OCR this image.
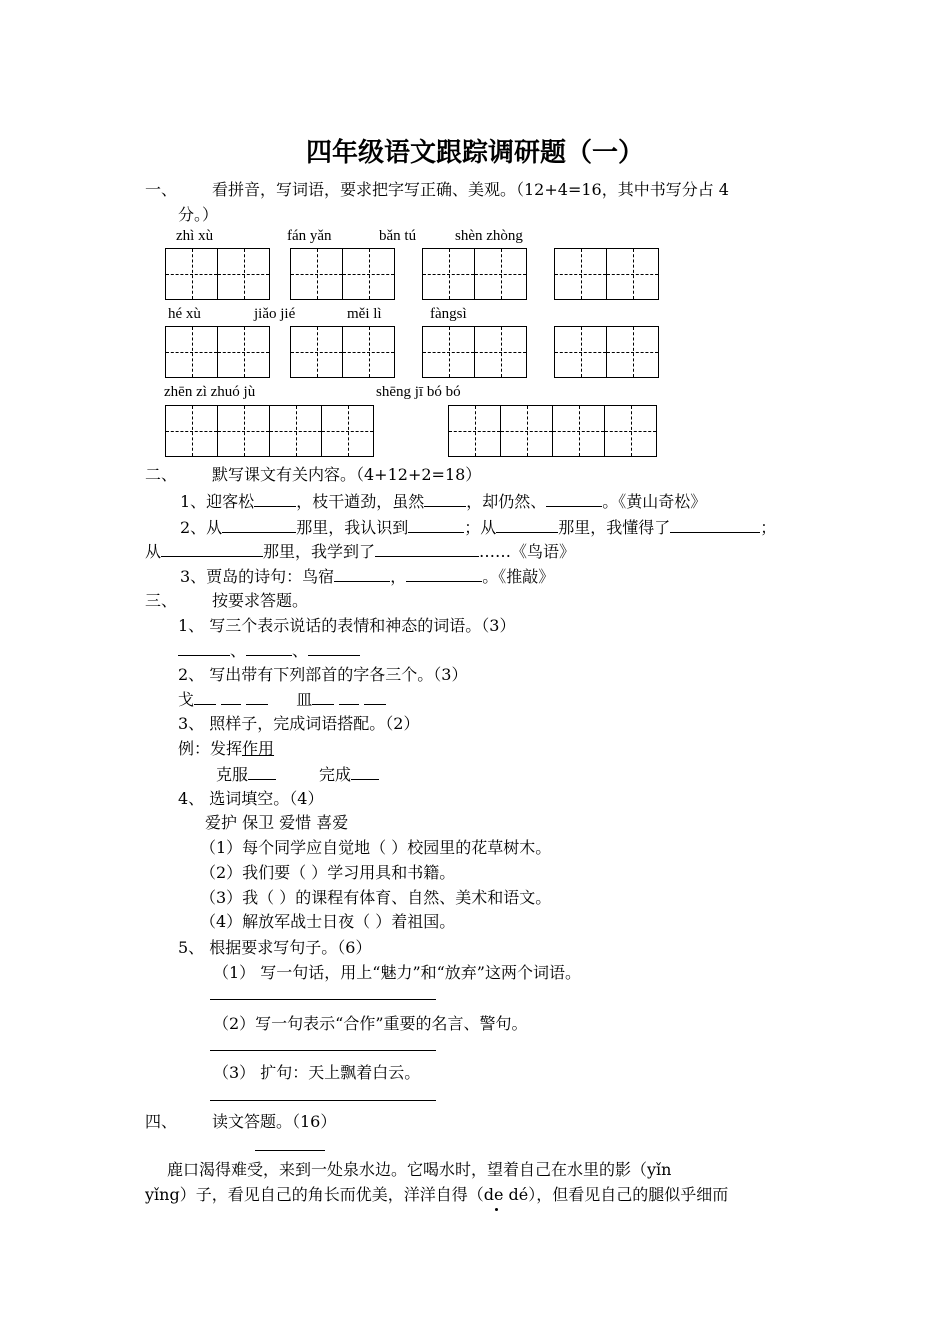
四年级语文跟踪调研题（一）
一、 看拼音，写词语，要求把字写正确、美观。（12+4=16，其中书写分占 4
分。）
zhì xù	fán yǎn	bǎn tú	shèn zhòng
hé xù	jiǎo jié	měi lì	fàngsì
zhēn zì zhuó jù	shēng jī bó bó
二、 默写课文有关内容。（4+12+2=18）
1、迎客松	，枝干遒劲，虽然	，却仍然、	。《黄山奇松》
2、从	那里，我认识到	；从	那里，我懂得了	；
从	那里，我学到了	……《鸟语》
3、贾岛的诗句：鸟宿	，	。《推敲》
三、 按要求答题。
1、 写三个表示说话的表情和神态的词语。（3）
、	、
2、 写出带有下列部首的字各三个。（3）
戈	皿
3、 照样子，完成词语搭配。（2）
例：发挥作用
克服	完成
4、 选词填空。（4）
爱护 保卫 爱惜 喜爱
（1）每个同学应自觉地（ ）校园里的花草树木。
（2）我们要（ ）学习用具和书籍。
（3）我（ ）的课程有体育、自然、美术和语文。
（4）解放军战士日夜（ ）着祖国。
5、 根据要求写句子。（6）
（1） 写一句话，用上“魅力”和“放弃”这两个词语。
（2）写一句表示“合作”重要的名言、警句。
（3） 扩句：天上飘着白云。
四、 读文答题。（16）
鹿口渴得难受，来到一处泉水边。它喝水时，望着自己在水里的影（yǐn
yǐng）子，看见自己的角长而优美，洋洋自得（de dé），但看见自己的腿似乎细而
